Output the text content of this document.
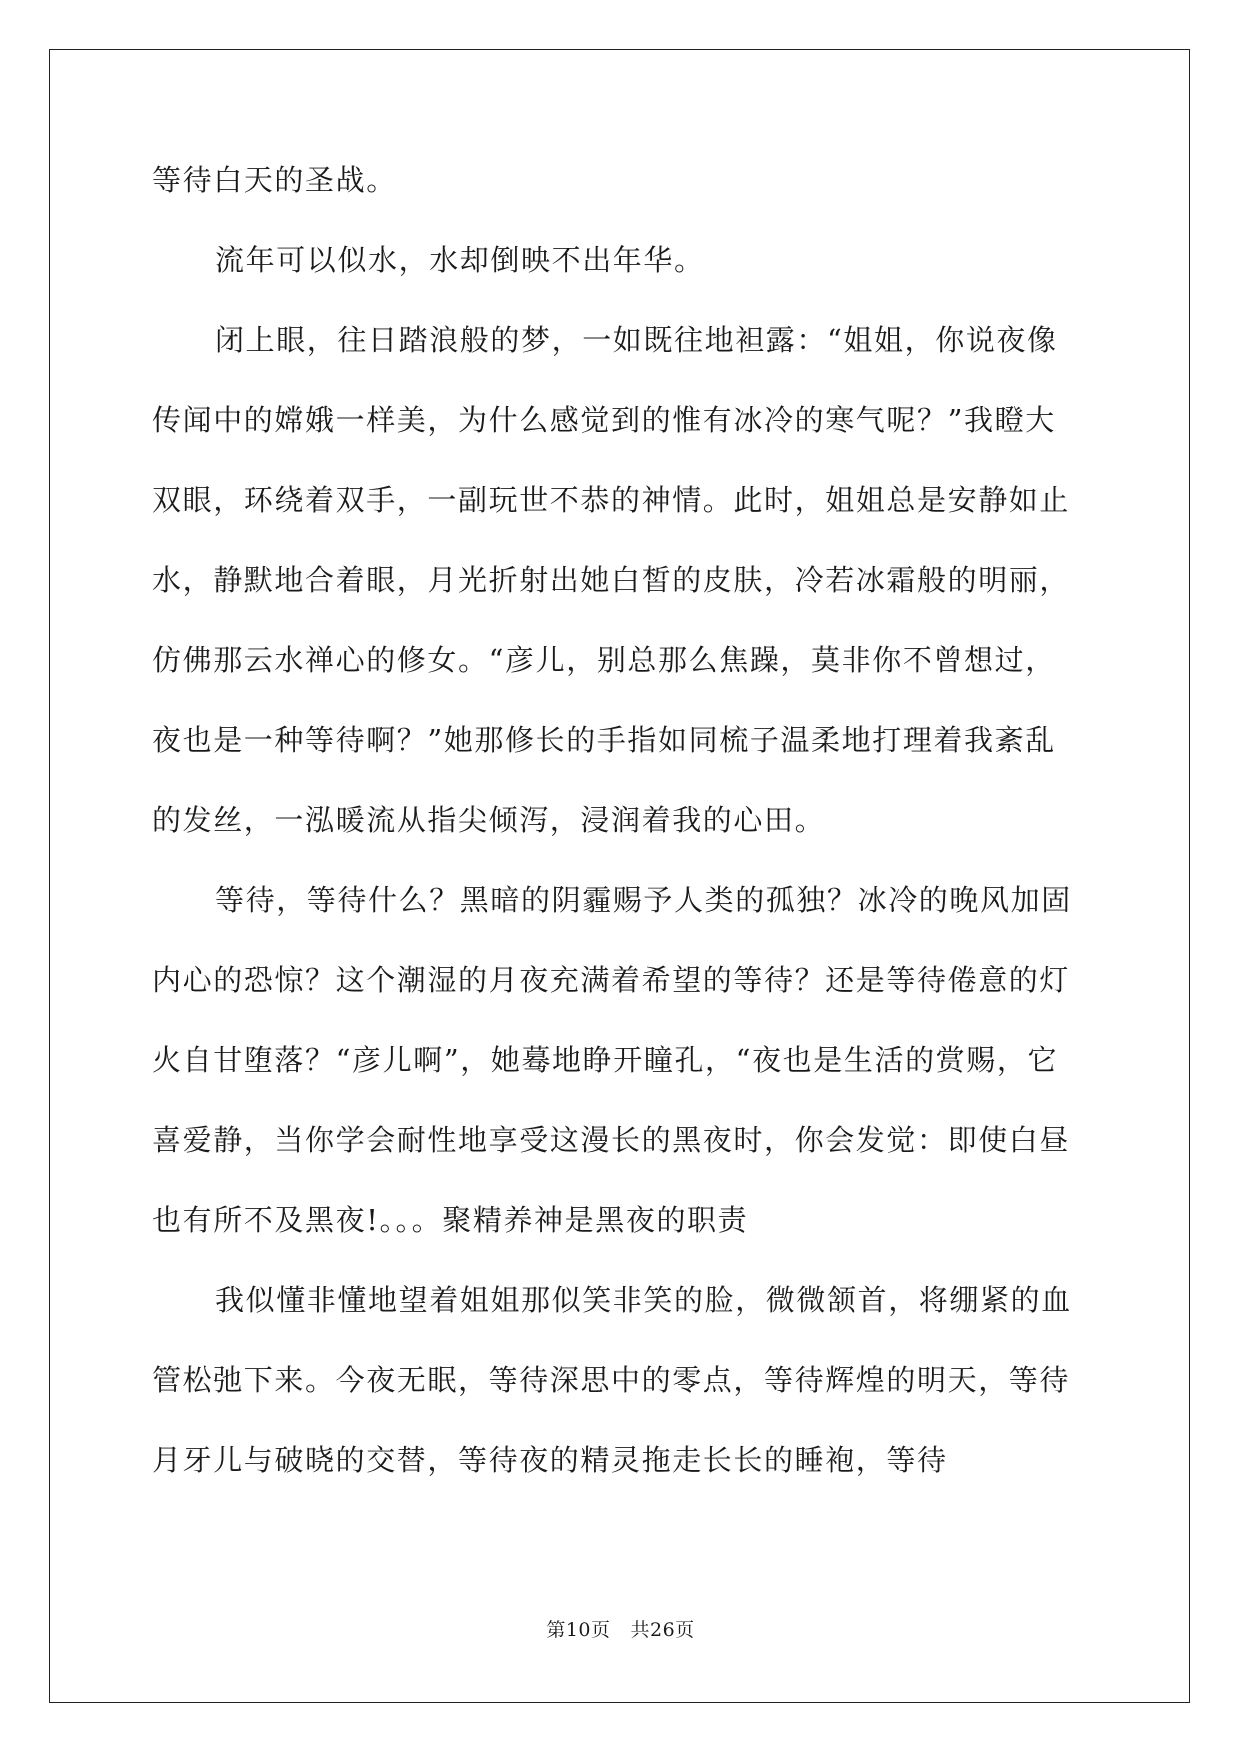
等待白天的圣战。
流年可以似水，水却倒映不出年华。
闭上眼，往日踏浪般的梦，一如既往地袒露：“姐姐，你说夜像
传闻中的嫦娥一样美，为什么感觉到的惟有冰冷的寒气呢？”我瞪大
双眼，环绕着双手，一副玩世不恭的神情。此时，姐姐总是安静如止
水，静默地合着眼，月光折射出她白皙的皮肤，冷若冰霜般的明丽，
仿佛那云水禅心的修女。“彦儿，别总那么焦躁，莫非你不曾想过，
夜也是一种等待啊？”她那修长的手指如同梳子温柔地打理着我紊乱
的发丝，一泓暖流从指尖倾泻，浸润着我的心田。
等待，等待什么？黑暗的阴霾赐予人类的孤独？冰冷的晚风加固
内心的恐惊？这个潮湿的月夜充满着希望的等待？还是等待倦意的灯
火自甘堕落？“彦儿啊”，她蓦地睁开瞳孔，“夜也是生活的赏赐，它
喜爱静，当你学会耐性地享受这漫长的黑夜时，你会发觉：即使白昼
也有所不及黑夜!。。。聚精养神是黑夜的职责
我似懂非懂地望着姐姐那似笑非笑的脸，微微颔首，将绷紧的血
管松弛下来。今夜无眠，等待深思中的零点，等待辉煌的明天，等待
月牙儿与破晓的交替，等待夜的精灵拖走长长的睡袍，等待
第10页 共26页
